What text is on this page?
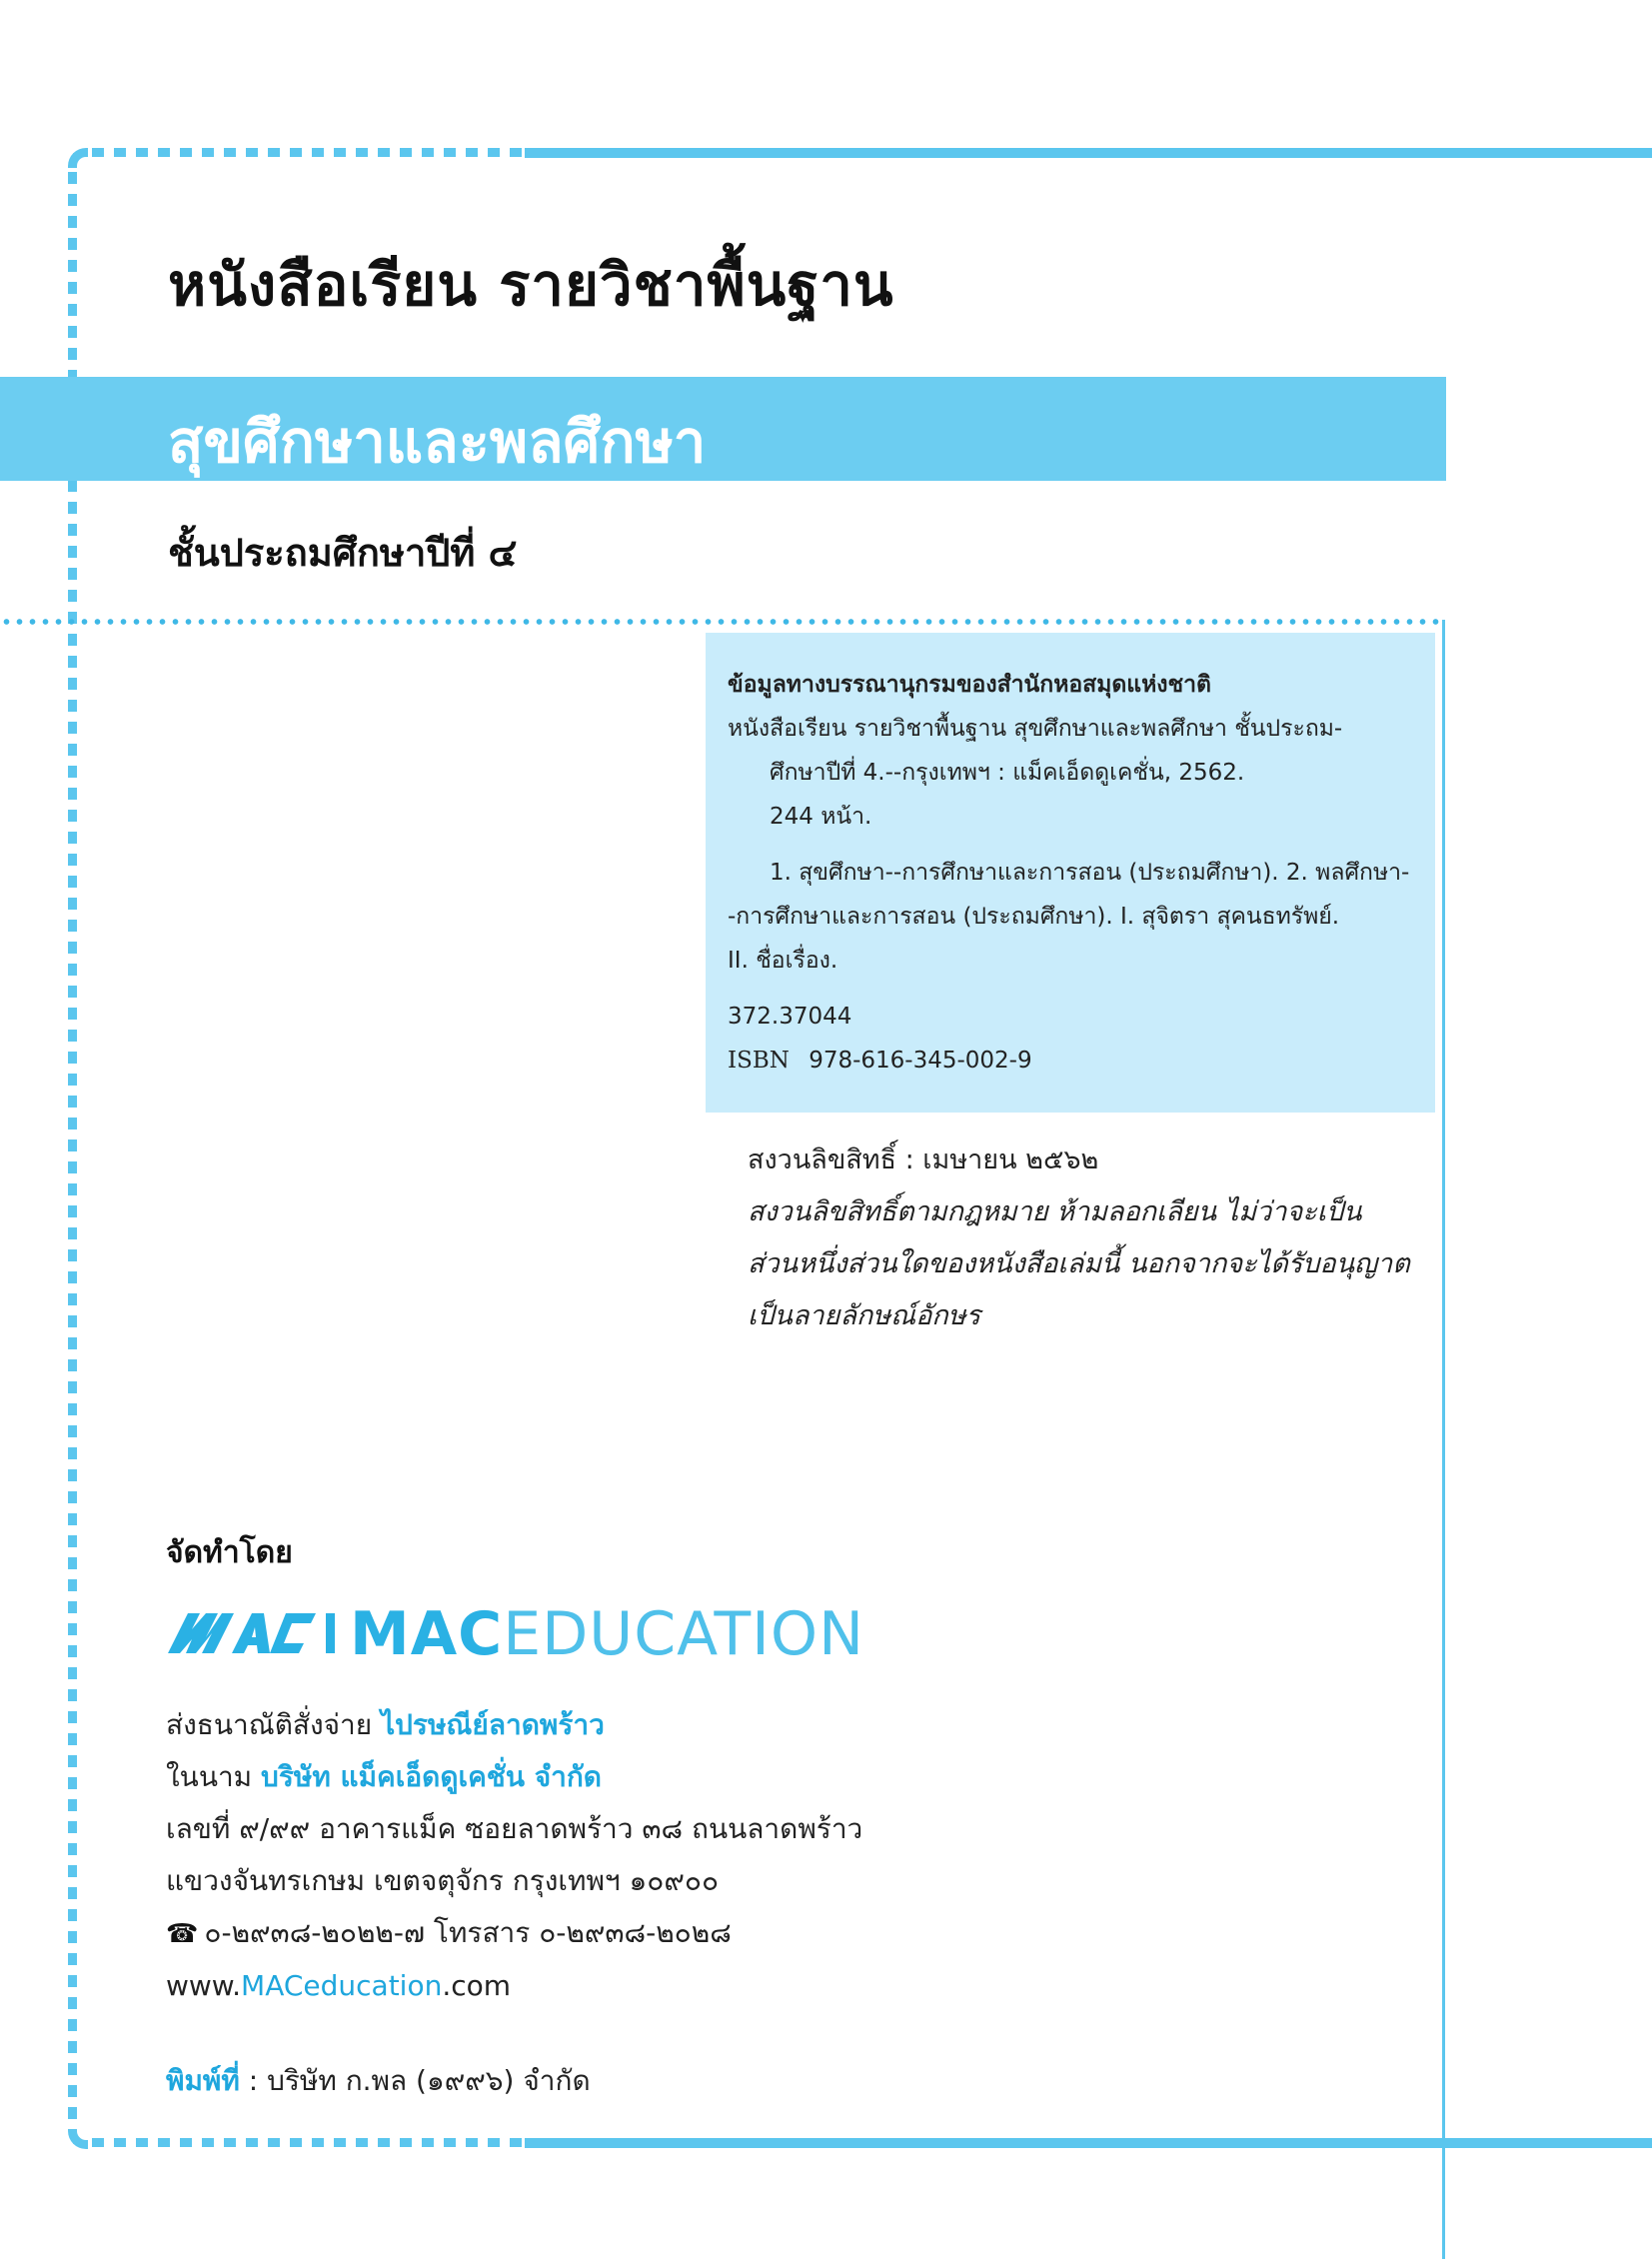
หนังสือเรียน รายวิชาพื้นฐาน
สุขศึกษาและพลศึกษา
ชั้นประถมศึกษาปีที่ ๔
ข้อมูลทางบรรณานุกรมของสำนักหอสมุดแห่งชาติ
หนังสือเรียน รายวิชาพื้นฐาน สุขศึกษาและพลศึกษา ชั้นประถม-
ศึกษาปีที่ 4.--กรุงเทพฯ : แม็คเอ็ดดูเคชั่น, 2562.
244 หน้า.
1. สุขศึกษา--การศึกษาและการสอน (ประถมศึกษา). 2. พลศึกษา-
-การศึกษาและการสอน (ประถมศึกษา). I. สุจิตรา สุคนธทรัพย์.
II. ชื่อเรื่อง.
372.37044
ISBN 978-616-345-002-9
สงวนลิขสิทธิ์ : เมษายน ๒๕๖๒
สงวนลิขสิทธิ์ตามกฎหมาย ห้ามลอกเลียน ไม่ว่าจะเป็น
ส่วนหนึ่งส่วนใดของหนังสือเล่มนี้ นอกจากจะได้รับอนุญาต
เป็นลายลักษณ์อักษร
จัดทำโดย
MACEDUCATION
ส่งธนาณัติสั่งจ่าย ไปรษณีย์ลาดพร้าว
ในนาม บริษัท แม็คเอ็ดดูเคชั่น จำกัด
เลขที่ ๙/๙๙ อาคารแม็ค ซอยลาดพร้าว ๓๘ ถนนลาดพร้าว
แขวงจันทรเกษม เขตจตุจักร กรุงเทพฯ ๑๐๙๐๐
☎ ๐-๒๙๓๘-๒๐๒๒-๗ โทรสาร ๐-๒๙๓๘-๒๐๒๘
www.MACeducation.com
พิมพ์ที่ : บริษัท ก.พล (๑๙๙๖) จำกัด
